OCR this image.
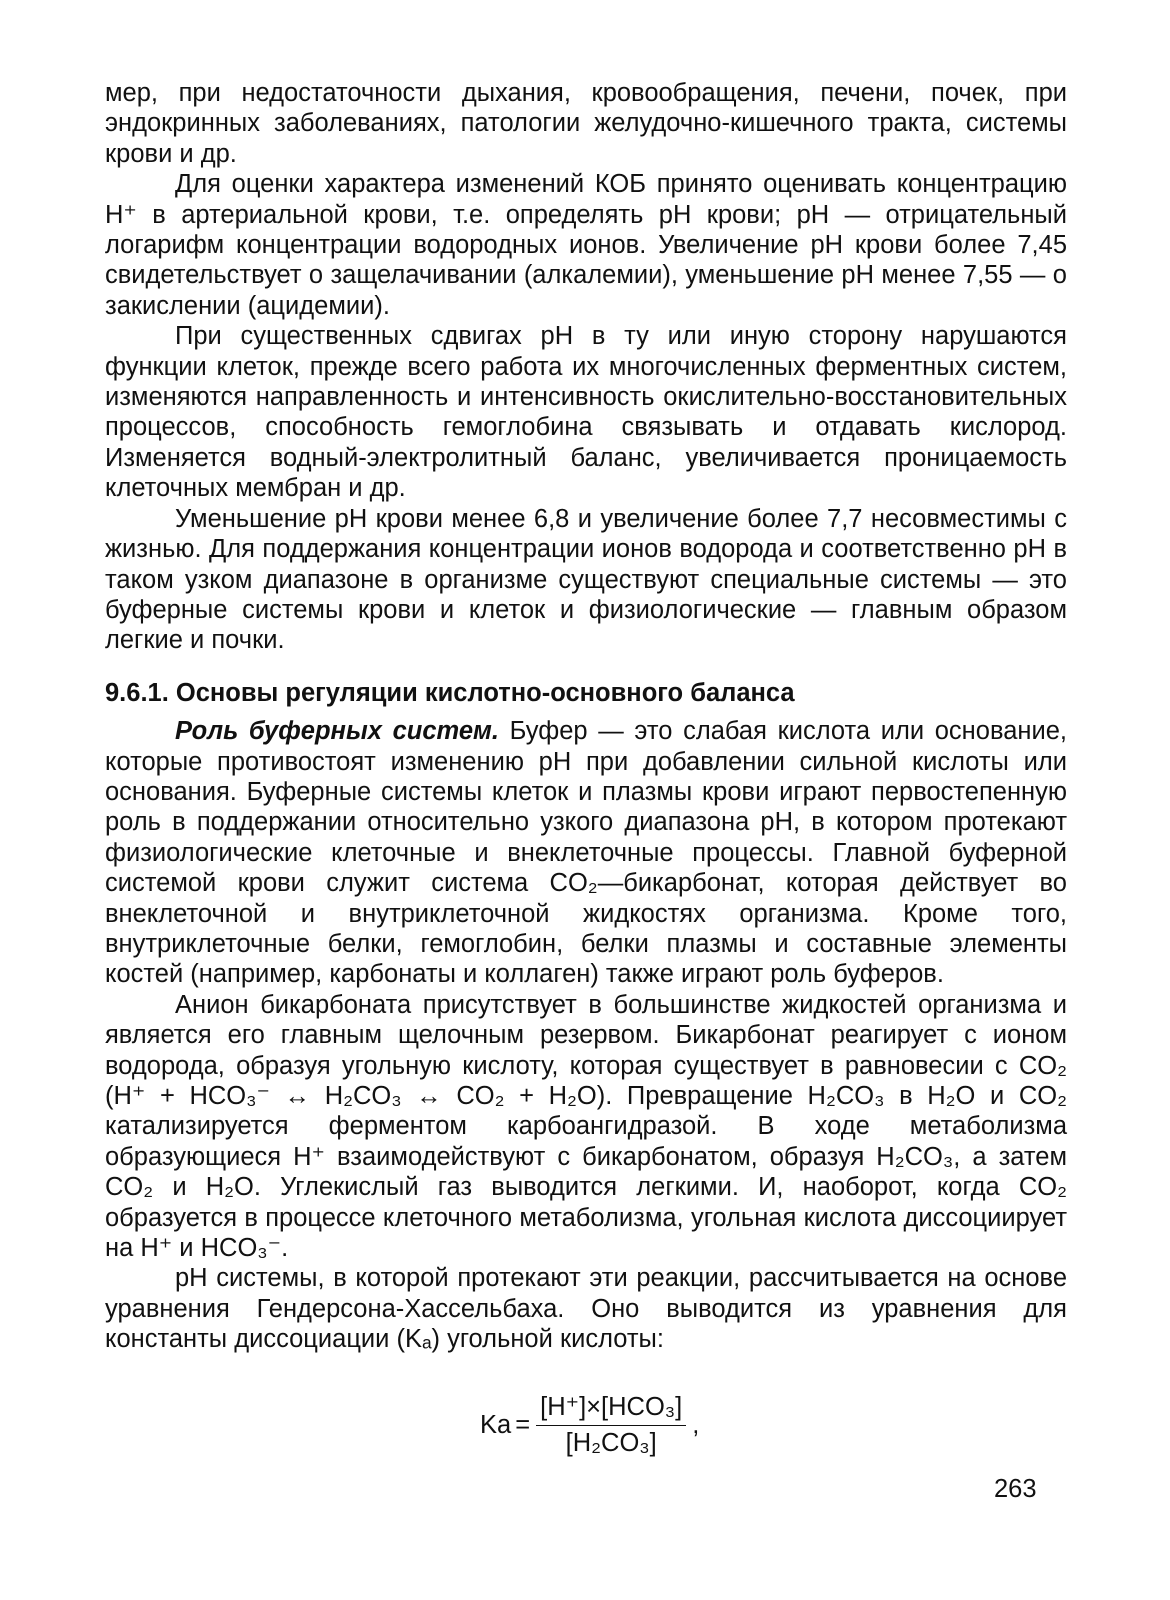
мер, при недостаточности дыхания, кровообращения, печени, почек, при эндокринных заболеваниях, патологии желудочно-кишечного тракта, системы крови и др.

Для оценки характера изменений КОБ принято оценивать концентрацию H⁺ в артериальной крови, т.е. определять pH крови; pH — отрицательный логарифм концентрации водородных ионов. Увеличение pH крови более 7,45 свидетельствует о защелачивании (алкалемии), уменьшение pH менее 7,55 — о закислении (ацидемии).

При существенных сдвигах pH в ту или иную сторону нарушаются функции клеток, прежде всего работа их многочисленных ферментных систем, изменяются направленность и интенсивность окислительно-восстановительных процессов, способность гемоглобина связывать и отдавать кислород. Изменяется водный-электролитный баланс, увеличивается проницаемость клеточных мембран и др.

Уменьшение pH крови менее 6,8 и увеличение более 7,7 несовместимы с жизнью. Для поддержания концентрации ионов водорода и соответственно pH в таком узком диапазоне в организме существуют специальные системы — это буферные системы крови и клеток и физиологические — главным образом легкие и почки.

9.6.1. Основы регуляции кислотно-основного баланса

Роль буферных систем. Буфер — это слабая кислота или основание, которые противостоят изменению pH при добавлении сильной кислоты или основания. Буферные системы клеток и плазмы крови играют первостепенную роль в поддержании относительно узкого диапазона pH, в котором протекают физиологические клеточные и внеклеточные процессы. Главной буферной системой крови служит система CO₂—бикарбонат, которая действует во внеклеточной и внутриклеточной жидкостях организма. Кроме того, внутриклеточные белки, гемоглобин, белки плазмы и составные элементы костей (например, карбонаты и коллаген) также играют роль буферов.

Анион бикарбоната присутствует в большинстве жидкостей организма и является его главным щелочным резервом. Бикарбонат реагирует с ионом водорода, образуя угольную кислоту, которая существует в равновесии с CO₂ (H⁺ + HCO₃⁻ ↔ H₂CO₃ ↔ CO₂ + H₂O). Превращение H₂CO₃ в H₂O и CO₂ катализируется ферментом карбоангидразой. В ходе метаболизма образующиеся H⁺ взаимодействуют с бикарбонатом, образуя H₂CO₃, а затем CO₂ и H₂O. Углекислый газ выводится легкими. И, наоборот, когда CO₂ образуется в процессе клеточного метаболизма, угольная кислота диссоциирует на H⁺ и HCO₃⁻.

pH системы, в которой протекают эти реакции, рассчитывается на основе уравнения Гендерсона-Хассельбаха. Оно выводится из уравнения для константы диссоциации (Kₐ) угольной кислоты:

$Ka = \frac{\text{[H⁺]×[HCO₃]}}{\text{[H₂CO₃]}}$ ,
263
